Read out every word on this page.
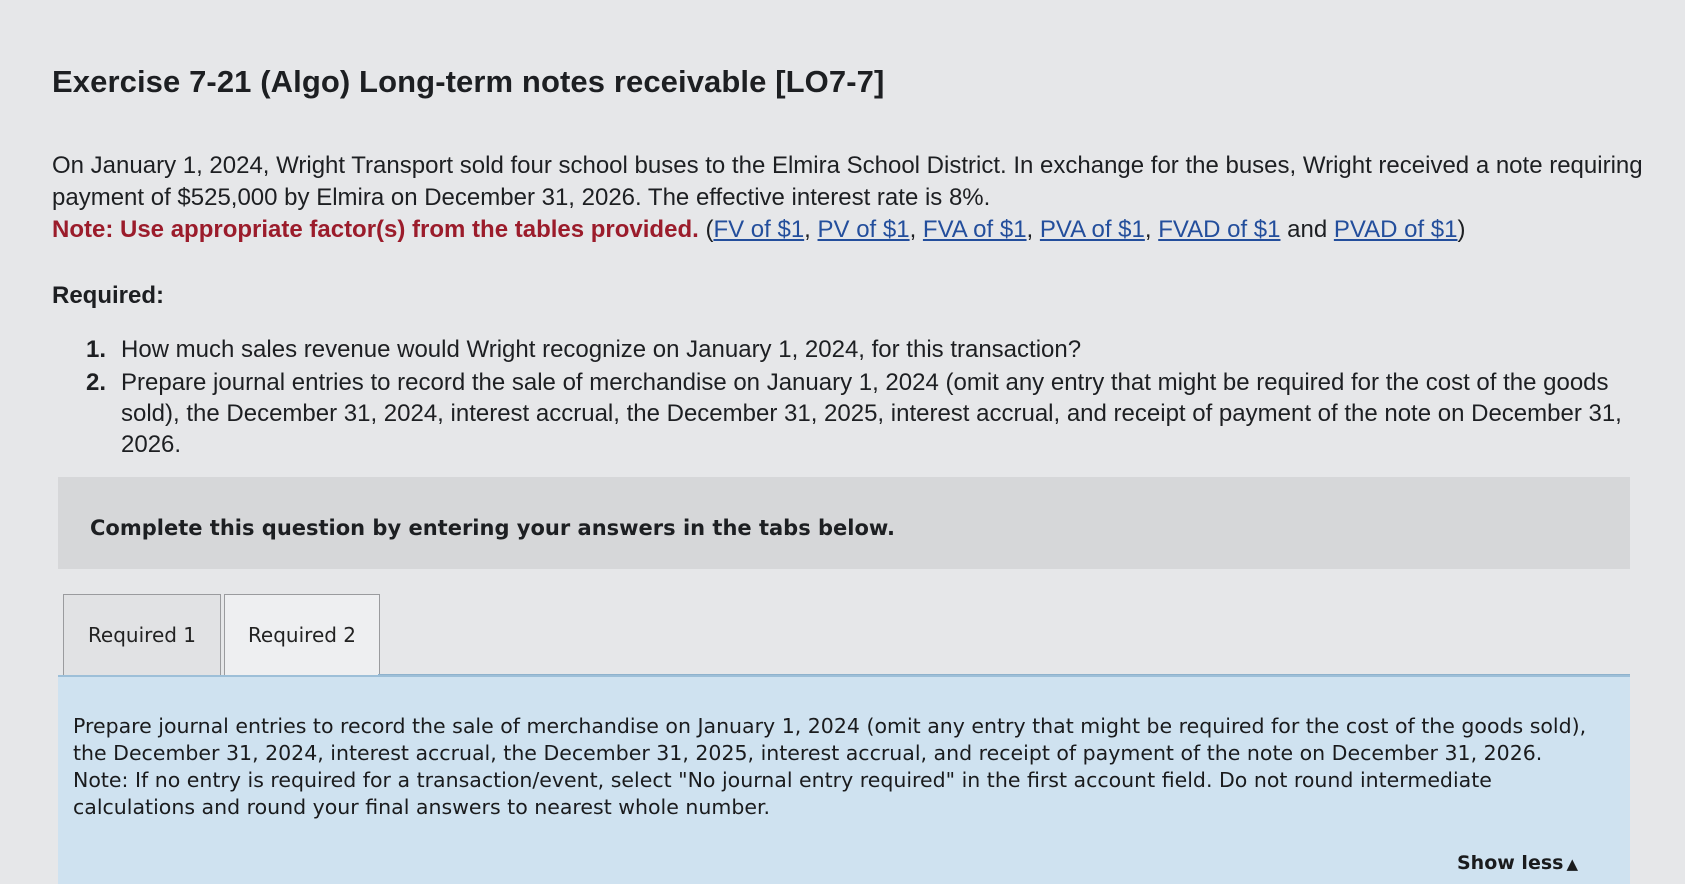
Exercise 7-21 (Algo) Long-term notes receivable [LO7-7]
On January 1, 2024, Wright Transport sold four school buses to the Elmira School District. In exchange for the buses, Wright received a note requiring payment of $525,000 by Elmira on December 31, 2026. The effective interest rate is 8%.
Note: Use appropriate factor(s) from the tables provided. (FV of $1, PV of $1, FVA of $1, PVA of $1, FVAD of $1 and PVAD of $1)
Required:
1. How much sales revenue would Wright recognize on January 1, 2024, for this transaction?
2. Prepare journal entries to record the sale of merchandise on January 1, 2024 (omit any entry that might be required for the cost of the goods sold), the December 31, 2024, interest accrual, the December 31, 2025, interest accrual, and receipt of payment of the note on December 31, 2026.
Complete this question by entering your answers in the tabs below.
Required 1	Required 2
Prepare journal entries to record the sale of merchandise on January 1, 2024 (omit any entry that might be required for the cost of the goods sold), the December 31, 2024, interest accrual, the December 31, 2025, interest accrual, and receipt of payment of the note on December 31, 2026.
Note: If no entry is required for a transaction/event, select "No journal entry required" in the first account field. Do not round intermediate calculations and round your final answers to nearest whole number.
Show less ▲
